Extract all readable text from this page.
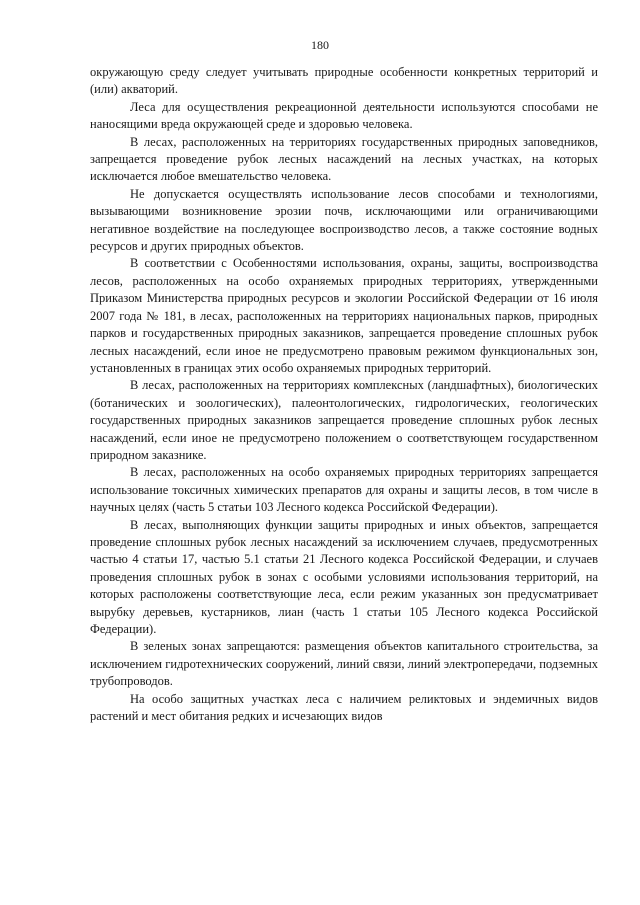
180

окружающую среду следует учитывать природные особенности конкретных территорий и (или) акваторий.

Леса для осуществления рекреационной деятельности используются способами не наносящими вреда окружающей среде и здоровью человека.

В лесах, расположенных на территориях государственных природных заповедников, запрещается проведение рубок лесных насаждений на лесных участках, на которых исключается любое вмешательство человека.

Не допускается осуществлять использование лесов способами и технологиями, вызывающими возникновение эрозии почв, исключающими или ограничивающими негативное воздействие на последующее воспроизводство лесов, а также состояние водных ресурсов и других природных объектов.

В соответствии с Особенностями использования, охраны, защиты, воспроизводства лесов, расположенных на особо охраняемых природных территориях, утвержденными Приказом Министерства природных ресурсов и экологии Российской Федерации от 16 июля 2007 года № 181, в лесах, расположенных на территориях национальных парков, природных парков и государственных природных заказников, запрещается проведение сплошных рубок лесных насаждений, если иное не предусмотрено правовым режимом функциональных зон, установленных в границах этих особо охраняемых природных территорий.

В лесах, расположенных на территориях комплексных (ландшафтных), биологических (ботанических и зоологических), палеонтологических, гидрологических, геологических государственных природных заказников запрещается проведение сплошных рубок лесных насаждений, если иное не предусмотрено положением о соответствующем государственном природном заказнике.

В лесах, расположенных на особо охраняемых природных территориях запрещается использование токсичных химических препаратов для охраны и защиты лесов, в том числе в научных целях (часть 5 статьи 103 Лесного кодекса Российской Федерации).

В лесах, выполняющих функции защиты природных и иных объектов, запрещается проведение сплошных рубок лесных насаждений за исключением случаев, предусмотренных частью 4 статьи 17, частью 5.1 статьи 21 Лесного кодекса Российской Федерации, и случаев проведения сплошных рубок в зонах с особыми условиями использования территорий, на которых расположены соответствующие леса, если режим указанных зон предусматривает вырубку деревьев, кустарников, лиан (часть 1 статьи 105 Лесного кодекса Российской Федерации).

В зеленых зонах запрещаются: размещения объектов капитального строительства, за исключением гидротехнических сооружений, линий связи, линий электропередачи, подземных трубопроводов.

На особо защитных участках леса с наличием реликтовых и эндемичных видов растений и мест обитания редких и исчезающих видов
